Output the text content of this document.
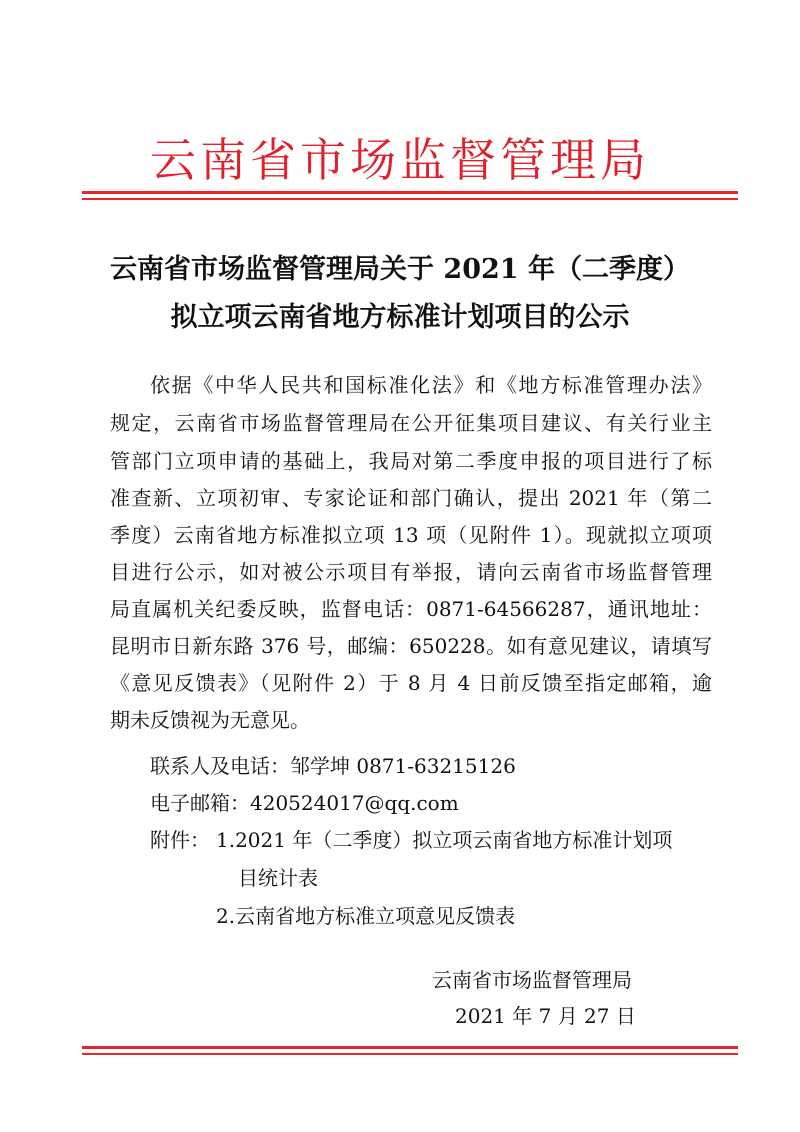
云南省市场监督管理局
云南省市场监督管理局关于 2021 年（二季度）
拟立项云南省地方标准计划项目的公示
依据《中华人民共和国标准化法》和《地方标准管理办法》
规定，云南省市场监督管理局在公开征集项目建议、有关行业主
管部门立项申请的基础上，我局对第二季度申报的项目进行了标
准查新、立项初审、专家论证和部门确认，提出 2021 年（第二
季度）云南省地方标准拟立项 13 项（见附件 1）。现就拟立项项
目进行公示，如对被公示项目有举报，请向云南省市场监督管理
局直属机关纪委反映，监督电话：0871-64566287，通讯地址：
昆明市日新东路 376 号，邮编：650228。如有意见建议，请填写
《意见反馈表》（见附件 2）于 8 月 4 日前反馈至指定邮箱，逾
期未反馈视为无意见。
联系人及电话：邹学坤 0871-63215126
电子邮箱：420524017@qq.com
附件： 1.2021 年（二季度）拟立项云南省地方标准计划项
目统计表
2.云南省地方标准立项意见反馈表
云南省市场监督管理局
2021 年 7 月 27 日
